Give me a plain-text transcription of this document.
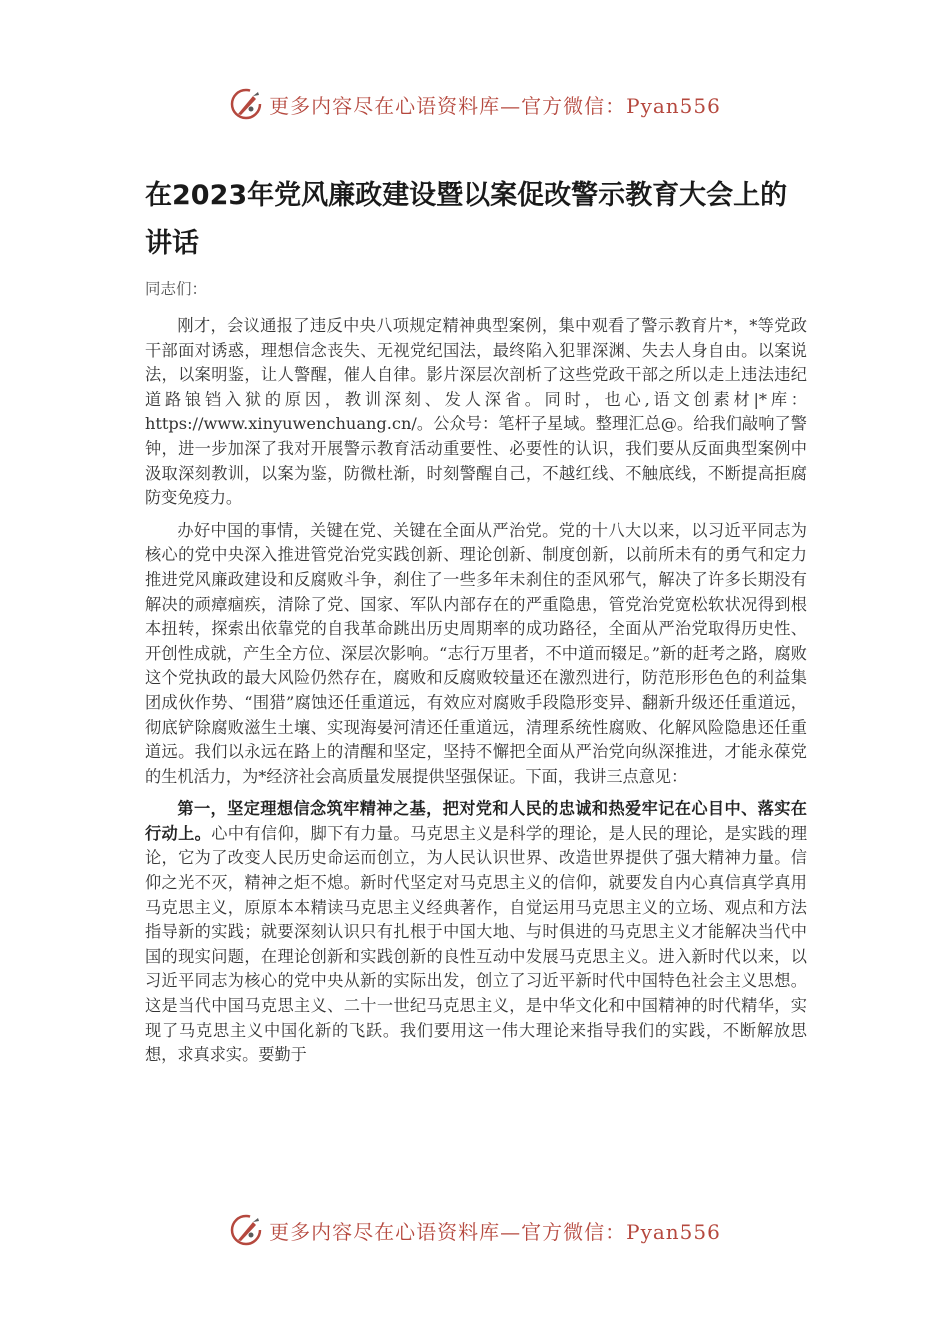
更多内容尽在心语资料库—官方微信：Pyan556
在2023年党风廉政建设暨以案促改警示教育大会上的讲话

同志们：

刚才，会议通报了违反中央八项规定精神典型案例，集中观看了警示教育片*，*等党政干部面对诱惑，理想信念丧失、无视党纪国法，最终陷入犯罪深渊、失去人身自由。以案说法，以案明鉴，让人警醒，催人自律。影片深层次剖析了这些党政干部之所以走上违法违纪道路锒铛入狱的原因，教训深刻、发人深省。同时，也心,语文创素材|*库：https://www.xinyuwenchuang.cn/。公众号：笔杆子星域。整理汇总@。给我们敲响了警钟，进一步加深了我对开展警示教育活动重要性、必要性的认识，我们要从反面典型案例中汲取深刻教训，以案为鉴，防微杜渐，时刻警醒自己，不越红线、不触底线，不断提高拒腐防变免疫力。

办好中国的事情，关键在党、关键在全面从严治党。党的十八大以来，以习近平同志为核心的党中央深入推进管党治党实践创新、理论创新、制度创新，以前所未有的勇气和定力推进党风廉政建设和反腐败斗争，刹住了一些多年未刹住的歪风邪气，解决了许多长期没有解决的顽瘴痼疾，清除了党、国家、军队内部存在的严重隐患，管党治党宽松软状况得到根本扭转，探索出依靠党的自我革命跳出历史周期率的成功路径，全面从严治党取得历史性、开创性成就，产生全方位、深层次影响。“志行万里者，不中道而辍足。”新的赶考之路，腐败这个党执政的最大风险仍然存在，腐败和反腐败较量还在激烈进行，防范形形色色的利益集团成伙作势、“围猎”腐蚀还任重道远，有效应对腐败手段隐形变异、翻新升级还任重道远，彻底铲除腐败滋生土壤、实现海晏河清还任重道远，清理系统性腐败、化解风险隐患还任重道远。我们以永远在路上的清醒和坚定，坚持不懈把全面从严治党向纵深推进，才能永葆党的生机活力，为*经济社会高质量发展提供坚强保证。下面，我讲三点意见：

第一，坚定理想信念筑牢精神之基，把对党和人民的忠诚和热爱牢记在心目中、落实在行动上。心中有信仰，脚下有力量。马克思主义是科学的理论，是人民的理论，是实践的理论，它为了改变人民历史命运而创立，为人民认识世界、改造世界提供了强大精神力量。信仰之光不灭，精神之炬不熄。新时代坚定对马克思主义的信仰，就要发自内心真信真学真用马克思主义，原原本本精读马克思主义经典著作，自觉运用马克思主义的立场、观点和方法指导新的实践；就要深刻认识只有扎根于中国大地、与时俱进的马克思主义才能解决当代中国的现实问题，在理论创新和实践创新的良性互动中发展马克思主义。进入新时代以来，以习近平同志为核心的党中央从新的实际出发，创立了习近平新时代中国特色社会主义思想。这是当代中国马克思主义、二十一世纪马克思主义，是中华文化和中国精神的时代精华，实现了马克思主义中国化新的飞跃。我们要用这一伟大理论来指导我们的实践，不断解放思想，求真求实。要勤于

更多内容尽在心语资料库—官方微信：Pyan556
